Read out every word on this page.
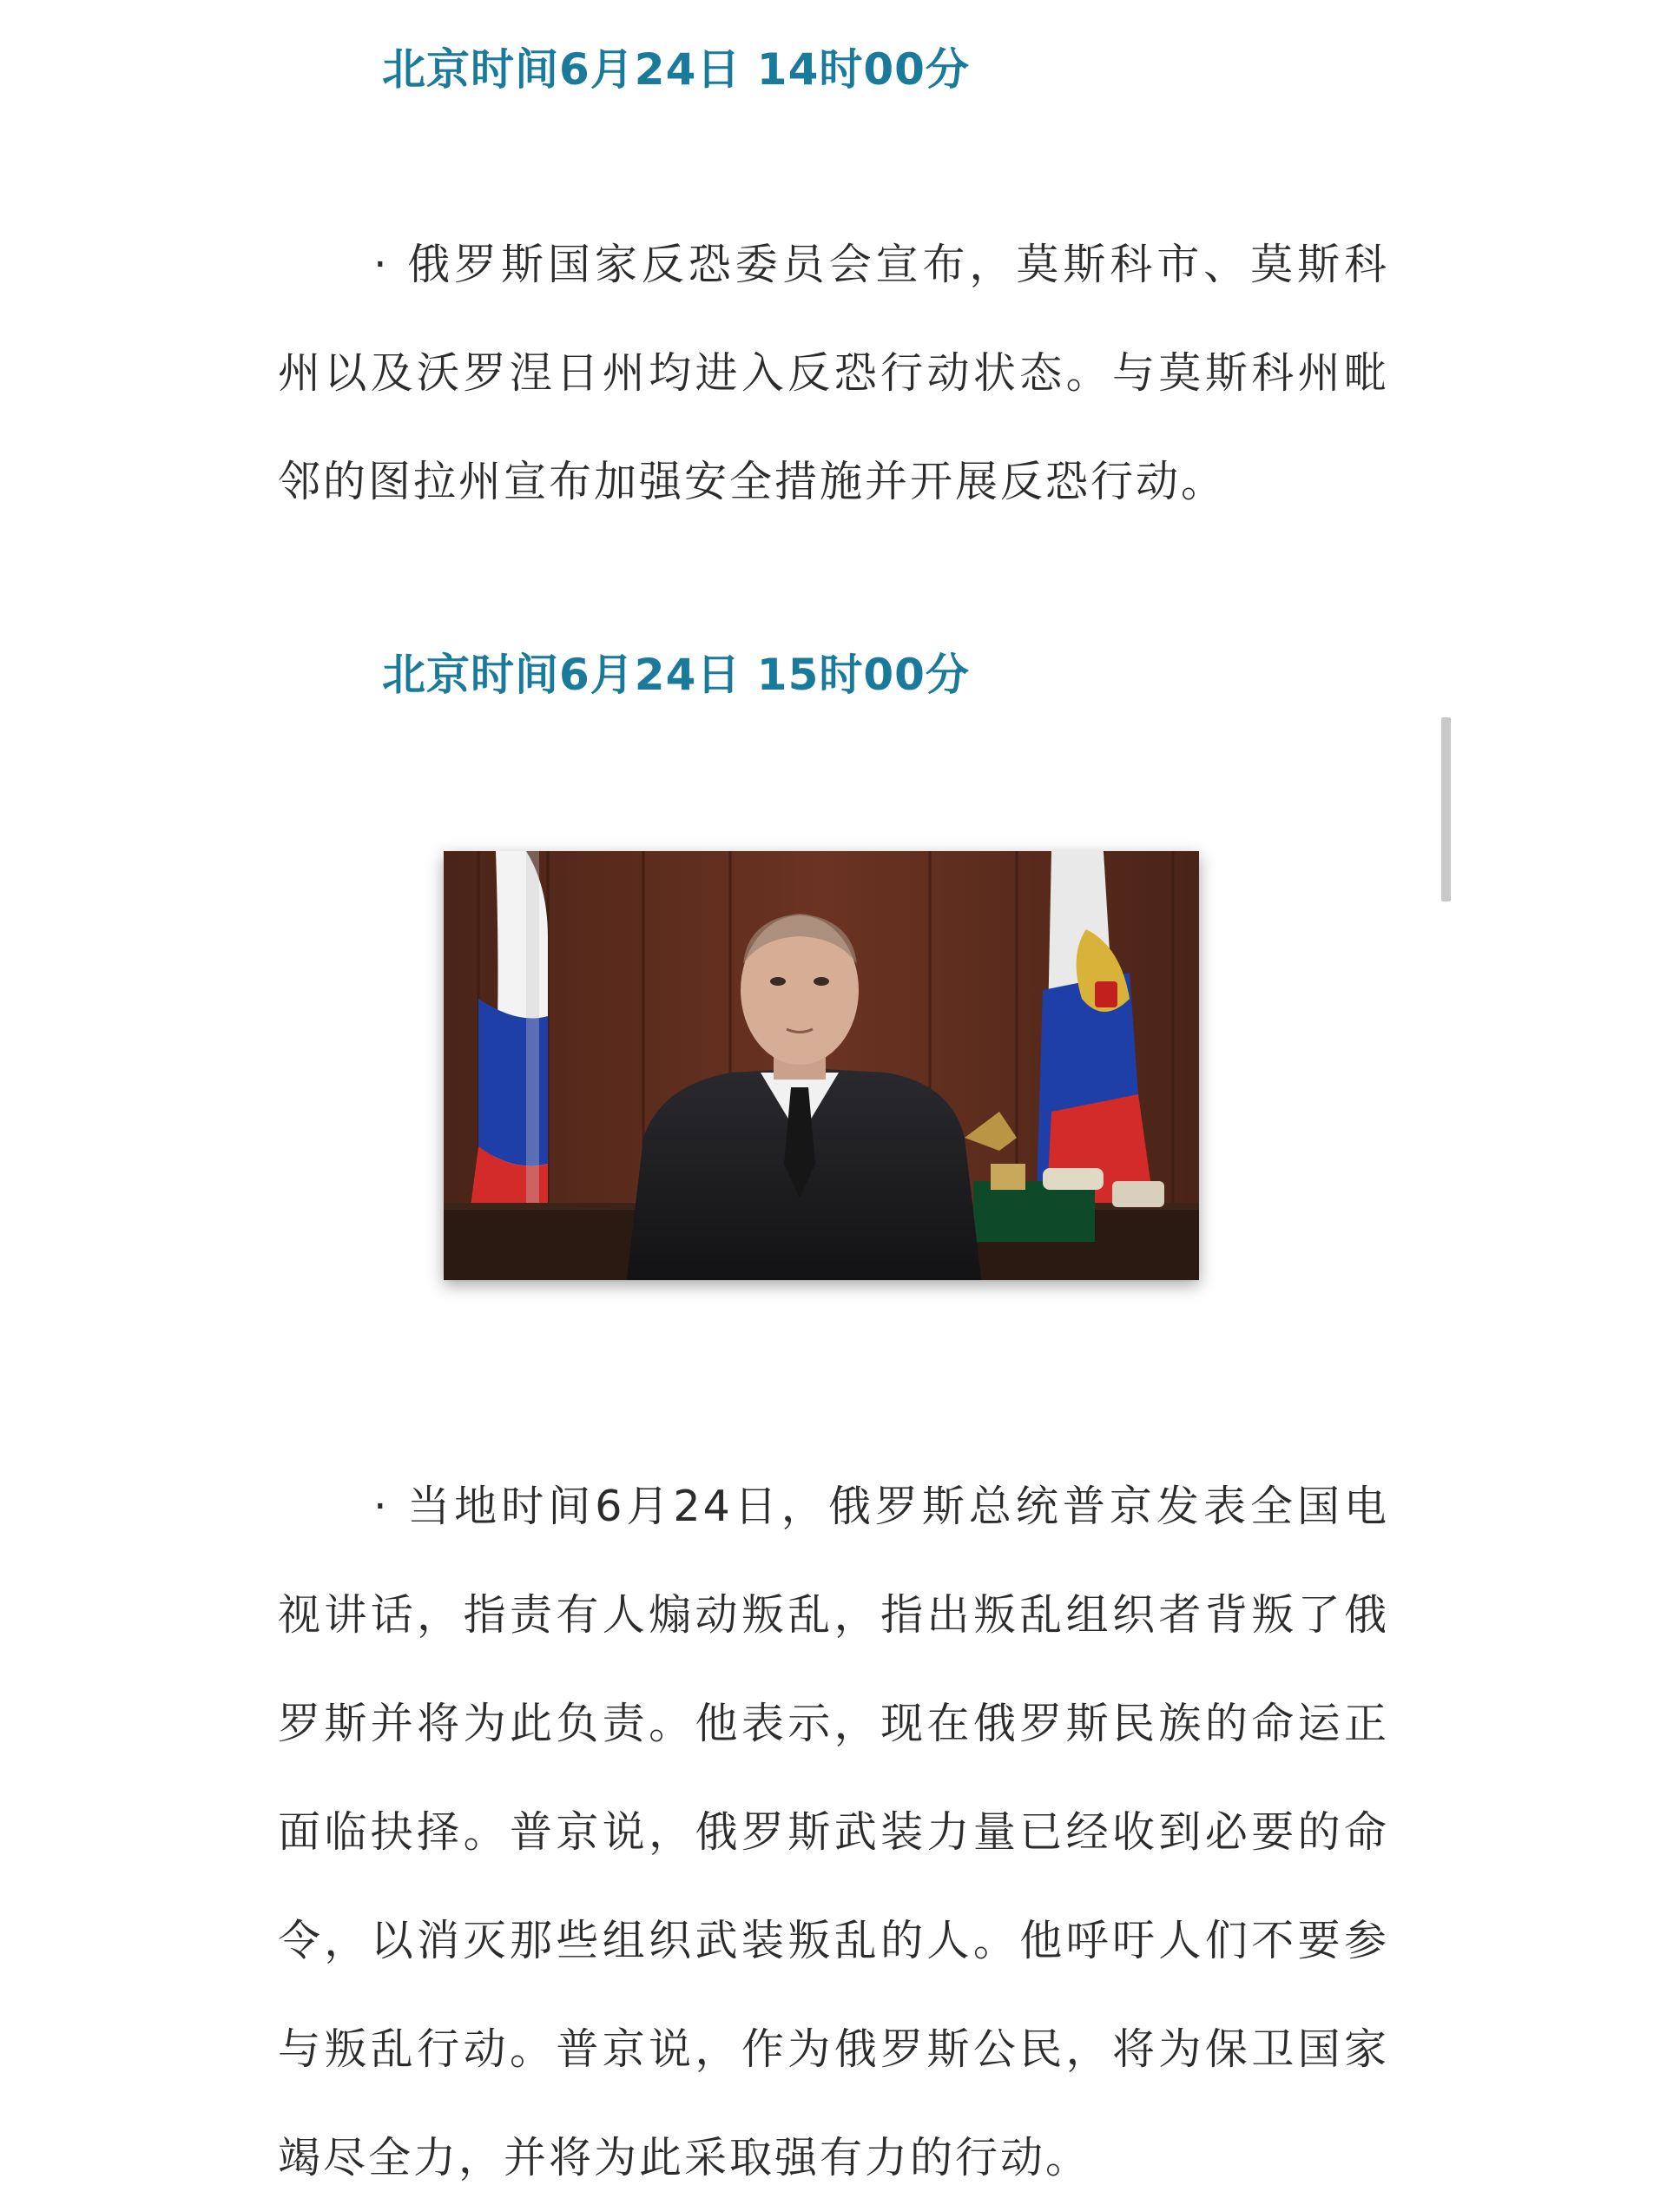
北京时间6月24日 14时00分

· 俄罗斯国家反恐委员会宣布，莫斯科市、莫斯科州以及沃罗涅日州均进入反恐行动状态。与莫斯科州毗邻的图拉州宣布加强安全措施并开展反恐行动。

北京时间6月24日 15时00分

· 当地时间6月24日，俄罗斯总统普京发表全国电视讲话，指责有人煽动叛乱，指出叛乱组织者背叛了俄罗斯并将为此负责。他表示，现在俄罗斯民族的命运正面临抉择。普京说，俄罗斯武装力量已经收到必要的命令，以消灭那些组织武装叛乱的人。他呼吁人们不要参与叛乱行动。普京说，作为俄罗斯公民，将为保卫国家竭尽全力，并将为此采取强有力的行动。
